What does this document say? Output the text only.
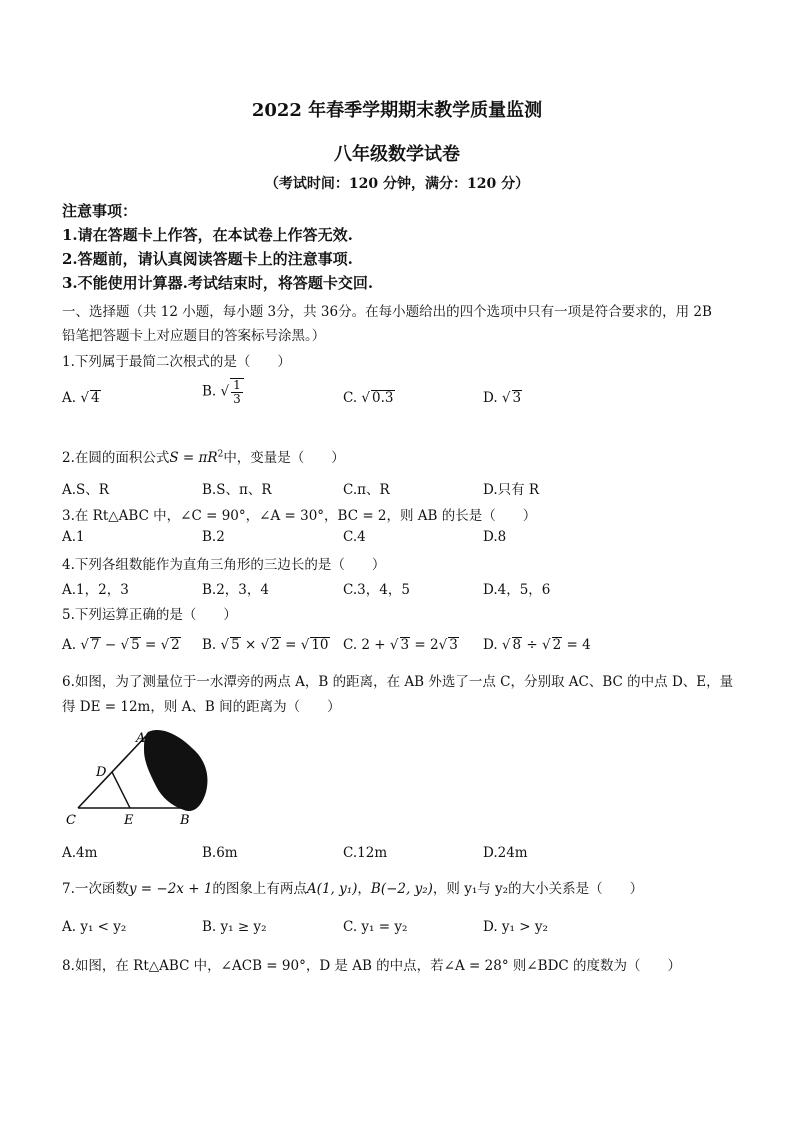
2022 年春季学期期末教学质量监测
八年级数学试卷
（考试时间：120 分钟，满分：120 分）
注意事项：
1.请在答题卡上作答，在本试卷上作答无效.
2.答题前，请认真阅读答题卡上的注意事项.
3.不能使用计算器.考试结束时，将答题卡交回.
一、选择题（共 12 小题，每小题 3分，共 36分。在每小题给出的四个选项中只有一项是符合要求的，用 2B
铅笔把答题卡上对应题目的答案标号涂黑。）
1.下列属于最简二次根式的是（　　）
A. √ 4	B. √ $\frac{1}{3}$	C. √ 0.3	D. √ 3
2.在圆的面积公式$S = \pi R^2$中，变量是（　　）
A.S、R	B.S、π、R	C.π、R	D.只有 R
3.在 Rt△ABC 中，∠C = 90°，∠A = 30°，BC = 2，则 AB 的长是（　　）
A.1	B.2	C.4	D.8
4.下列各组数能作为直角三角形的三边长的是（　　）
A.1，2，3	B.2，3，4	C.3，4，5	D.4，5，6
5.下列运算正确的是（　　）
A. √ 7 − √ 5 = √ 2 B. √ 5 × √ 2 = √ 10 C. 2 + √ 3 = 2√ 3 D. √ 8 ÷ √ 2 = 4
6.如图，为了测量位于一水潭旁的两点 A，B 的距离，在 AB 外选了一点 C，分别取 AC、BC 的中点 D、E，量
得 DE = 12m，则 A、B 间的距离为（　　）
A
D
C	E	B
A.4m	B.6m	C.12m	D.24m
7.一次函数y = −2x + 1的图象上有两点A(1, y₁)，B(−2, y₂)，则 y₁与 y₂的大小关系是（　　）
A. y₁ < y₂	B. y₁ ≥ y₂	C. y₁ = y₂	D. y₁ > y₂
8.如图，在 Rt△ABC 中，∠ACB = 90°，D 是 AB 的中点，若∠A = 28° 则∠BDC 的度数为（　　）
